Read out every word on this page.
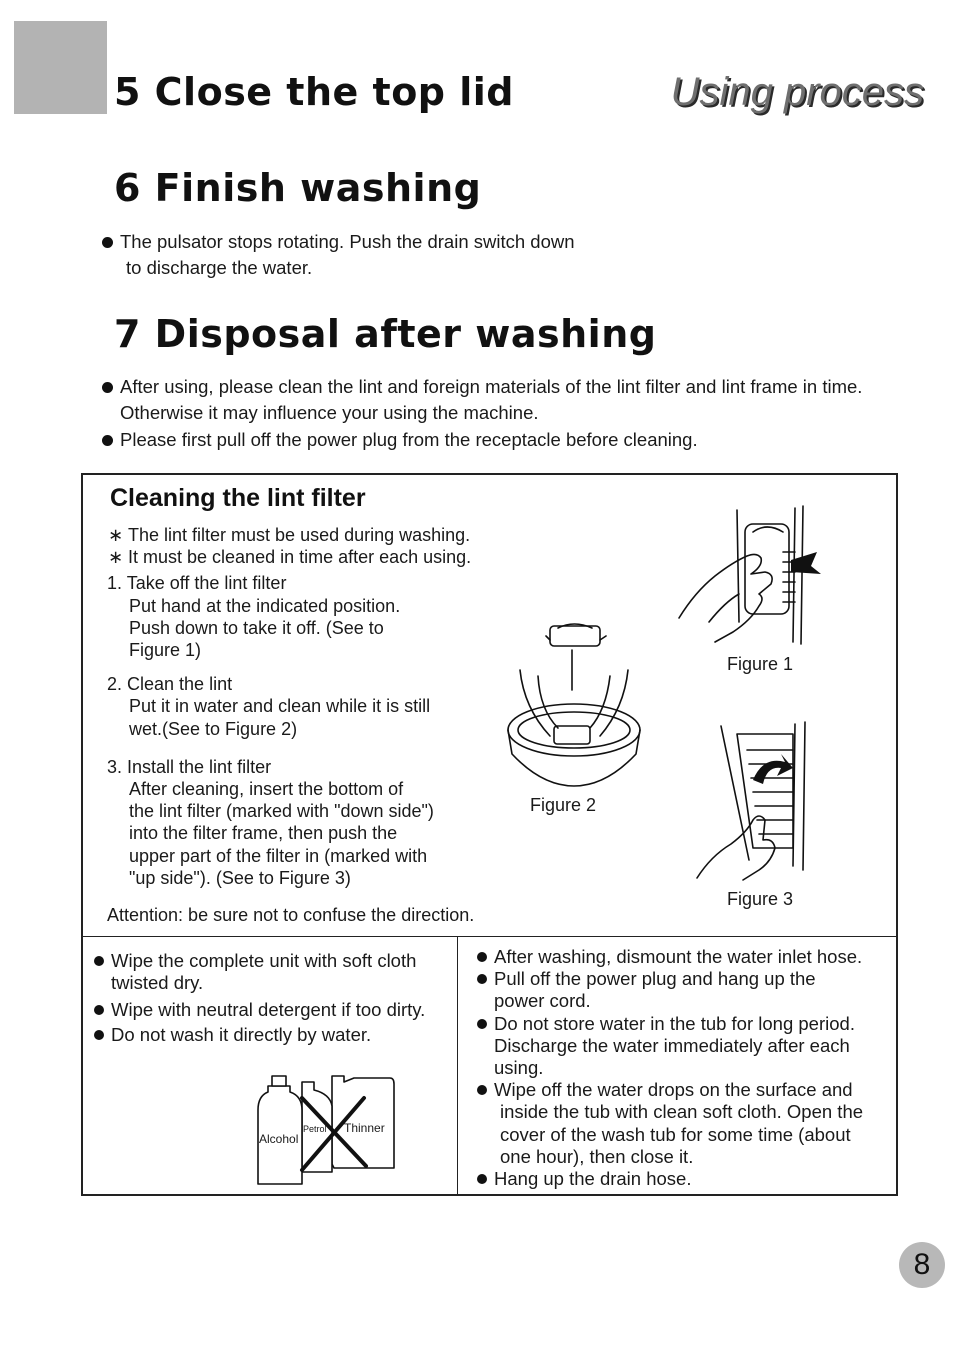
5 Close the top lid	Using process
6 Finish washing
The pulsator stops rotating. Push the drain switch down
to discharge the water.
7 Disposal after washing
After using, please clean the lint and foreign materials of the lint filter and lint frame in time.
Otherwise it may influence your using the machine.
Please first pull off the power plug from the receptacle before cleaning.
Cleaning the lint filter
∗ The lint filter must be used during washing.
∗ It must be cleaned in time after each using.
1. Take off the lint filter
Put hand at the indicated position.
Push down to take it off. (See to
Figure 1)
2. Clean the lint
Put it in water and clean while it is still
wet.(See to Figure 2)
3. Install the lint filter
After cleaning, insert the bottom of
the lint filter (marked with "down side")
into the filter frame, then push the
upper part of the filter in (marked with
"up side"). (See to Figure 3)
Attention: be sure not to confuse the direction.
Figure 1
Figure 2
Figure 3
Wipe the complete unit with soft cloth
twisted dry.
Wipe with neutral detergent if too dirty.
Do not wash it directly by water.
Alcohol
Petrol Thinner
After washing, dismount the water inlet hose.
Pull off the power plug and hang up the
power cord.
Do not store water in the tub for long period.
Discharge the water immediately after each
using.
Wipe off the water drops on the surface and
inside the tub with clean soft cloth. Open the
cover of the wash tub for some time (about
one hour), then close it.
Hang up the drain hose.
8
